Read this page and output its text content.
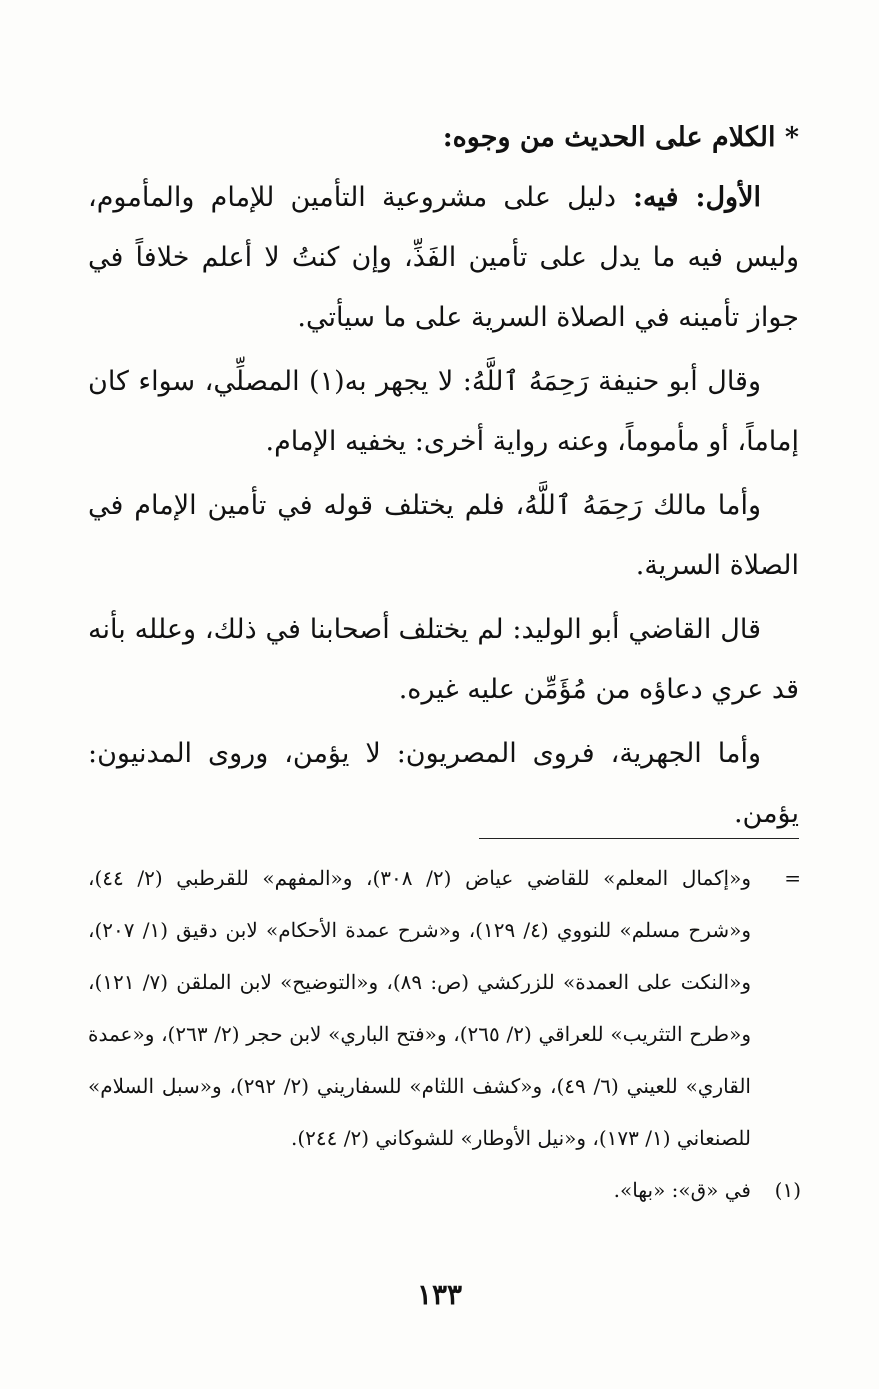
* الكلام على الحديث من وجوه:

الأول: فيه: دليل على مشروعية التأمين للإمام والمأموم، وليس فيه ما يدل على تأمين الفَذِّ، وإن كنتُ لا أعلم خلافاً في جواز تأمينه في الصلاة السرية على ما سيأتي.

وقال أبو حنيفة رَحِمَهُ ٱللَّهُ: لا يجهر به(١) المصلِّي، سواء كان إماماً، أو مأموماً، وعنه رواية أخرى: يخفيه الإمام.

وأما مالك رَحِمَهُ ٱللَّهُ، فلم يختلف قوله في تأمين الإمام في الصلاة السرية.

قال القاضي أبو الوليد: لم يختلف أصحابنا في ذلك، وعلله بأنه قد عري دعاؤه من مُؤَمِّن عليه غيره.

وأما الجهرية، فروى المصريون: لا يؤمن، وروى المدنيون: يؤمن.

=
و«إكمال المعلم» للقاضي عياض (٢/ ٣٠٨)، و«المفهم» للقرطبي (٢/ ٤٤)، و«شرح مسلم» للنووي (٤/ ١٢٩)، و«شرح عمدة الأحكام» لابن دقيق (١/ ٢٠٧)، و«النكت على العمدة» للزركشي (ص: ٨٩)، و«التوضيح» لابن الملقن (٧/ ١٢١)، و«طرح التثريب» للعراقي (٢/ ٢٦٥)، و«فتح الباري» لابن حجر (٢/ ٢٦٣)، و«عمدة القاري» للعيني (٦/ ٤٩)، و«كشف اللثام» للسفاريني (٢/ ٢٩٢)، و«سبل السلام» للصنعاني (١/ ١٧٣)، و«نيل الأوطار» للشوكاني (٢/ ٢٤٤).

(١)
في «ق»: «بها».

١٣٣
